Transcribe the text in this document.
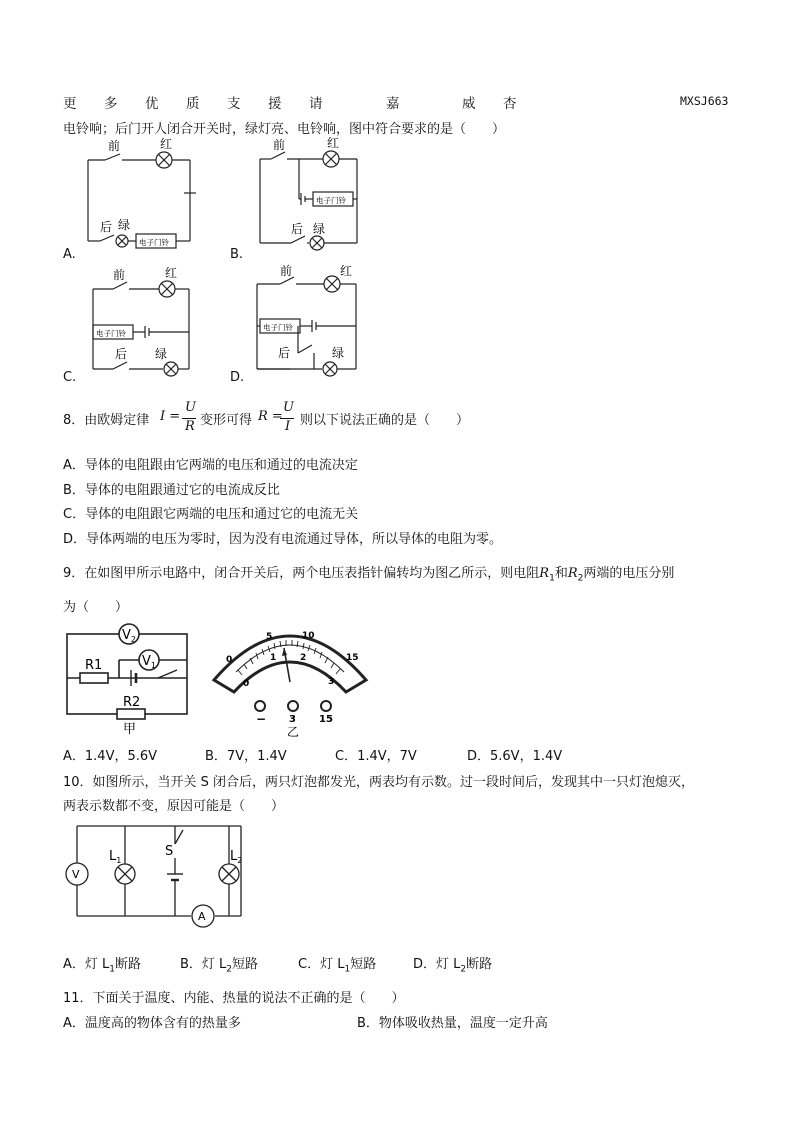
更 多 优 质 支 援 请	嘉	威 杏	MXSJ663
电铃响；后门开人闭合开关时，绿灯亮、电铃响，图中符合要求的是（　　）
前	红
后 绿
电子门铃
A.
前	红
后 绿
电子门铃
B.
前	红
后 绿
电子门铃
C.
前	红
后	绿
电子门铃
D.
8．由欧姆定律 I =
U
R 变形可得 R =
U
I 则以下说法正确的是（　　）
A．导体的电阻跟由它两端的电压和通过的电流决定
B．导体的电阻跟通过它的电流成反比
C．导体的电阻跟它两端的电压和通过它的电流无关
D．导体两端的电压为零时，因为没有电流通过导体，所以导体的电阻为零。
9．在如图甲所示电路中，闭合开关后，两个电压表指针偏转均为图乙所示，则电阻$R_1$和$R_2$两端的电压分别
为（　　）
$V_2$
$V_1$
R1
R2
甲
0
5	10
15
0
1	2
3
− 3 15
乙
A．1.4V，5.6V	B．7V，1.4V	C．1.4V，7V	D．5.6V，1.4V
10．如图所示，当开关 S 闭合后，两只灯泡都发光，两表均有示数。过一段时间后，发现其中一只灯泡熄灭，
两表示数都不变，原因可能是（　　）
V
$L_1$
S	$L_2$
A
A．灯 $L_1$断路	B．灯 $L_2$短路	C．灯 $L_1$短路	D．灯 $L_2$断路
11．下面关于温度、内能、热量的说法不正确的是（　　）
A．温度高的物体含有的热量多	B．物体吸收热量，温度一定升高
